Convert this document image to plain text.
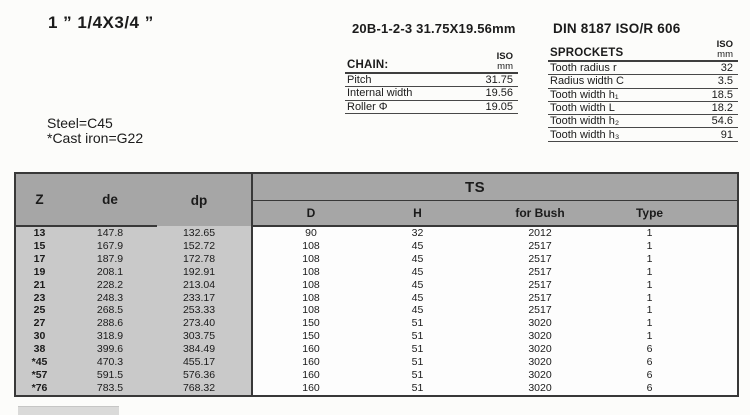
1 ” 1/4X3/4 ”	20B-1-2-3 31.75X19.56mm	DIN 8187 ISO/R 606
CHAIN:
ISO
mm
Pitch	31.75
Internal width	19.56
Roller Φ	19.05
SPROCKETS
ISO
mm
Tooth radius r	32
Radius width C	3.5
Tooth width h₁	18.5
Tooth width L	18.2
Tooth width h₂	54.6
Tooth width h₃	91
Steel=C45
*Cast iron=G22
Z	de	dp	TS			
			D	H	for Bush	Type
13	147.8	132.65	90	32	2012	1
15	167.9	152.72	108	45	2517	1
17	187.9	172.78	108	45	2517	1
19	208.1	192.91	108	45	2517	1
21	228.2	213.04	108	45	2517	1
23	248.3	233.17	108	45	2517	1
25	268.5	253.33	108	45	2517	1
27	288.6	273.40	150	51	3020	1
30	318.9	303.75	150	51	3020	1
38	399.6	384.49	160	51	3020	6
*45	470.3	455.17	160	51	3020	6
*57	591.5	576.36	160	51	3020	6
*76	783.5	768.32	160	51	3020	6
